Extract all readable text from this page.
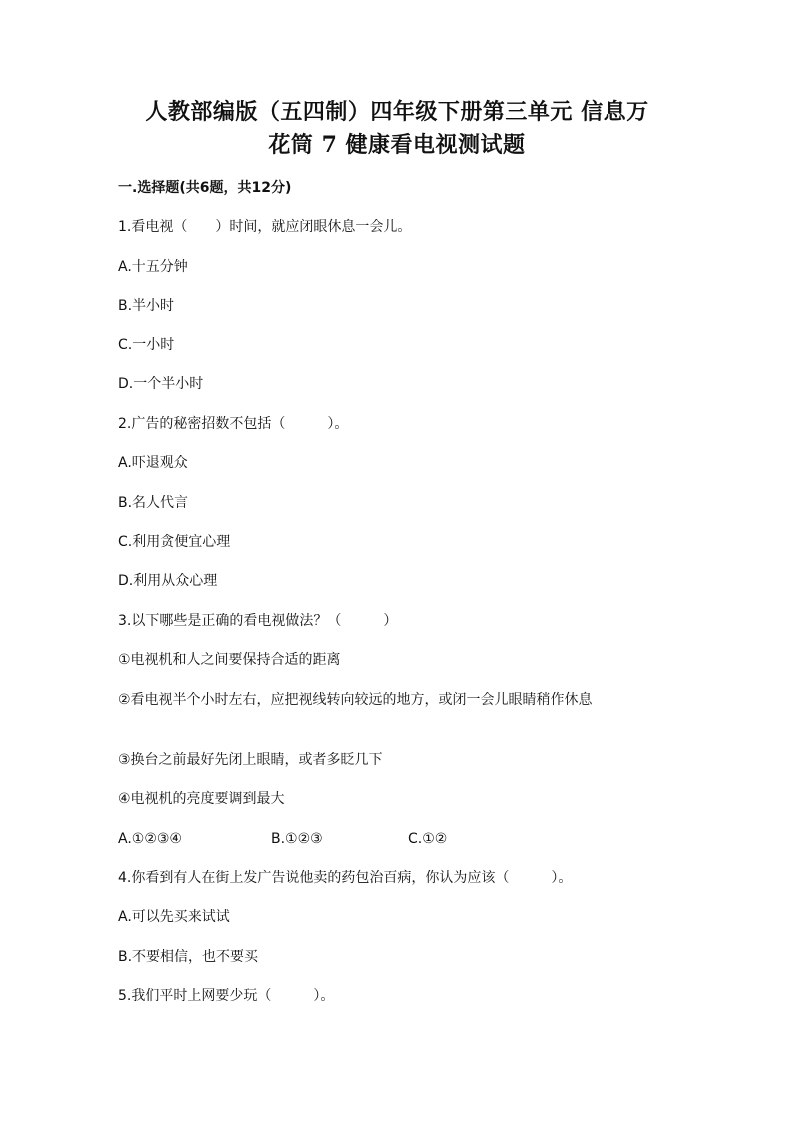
人教部编版（五四制）四年级下册第三单元 信息万
花筒 7 健康看电视测试题
一.选择题(共6题，共12分)
1.看电视（　　）时间，就应闭眼休息一会儿。
A.十五分钟
B.半小时
C.一小时
D.一个半小时
2.广告的秘密招数不包括（　　　）。
A.吓退观众
B.名人代言
C.利用贪便宜心理
D.利用从众心理
3.以下哪些是正确的看电视做法？（　　　）
①电视机和人之间要保持合适的距离
②看电视半个小时左右，应把视线转向较远的地方，或闭一会儿眼睛稍作休息
③换台之前最好先闭上眼睛，或者多眨几下
④电视机的亮度要调到最大
A.①②③④	B.①②③	C.①②
4.你看到有人在街上发广告说他卖的药包治百病，你认为应该（　　　）。
A.可以先买来试试
B.不要相信，也不要买
5.我们平时上网要少玩（　　　）。
